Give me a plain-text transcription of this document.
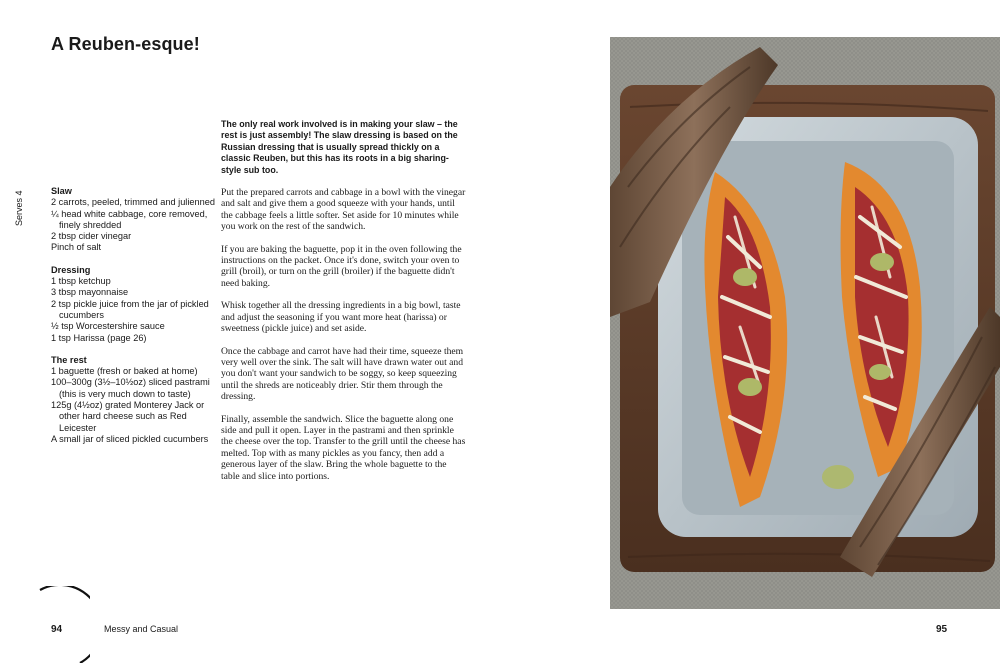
A Reuben-esque!
Serves 4	Slaw

2 carrots, peeled, trimmed and julienned
¼ head white cabbage, core removed, finely shredded
2 tbsp cider vinegar
Pinch of salt

Dressing

1 tbsp ketchup
3 tbsp mayonnaise
2 tsp pickle juice from the jar of pickled cucumbers
½ tsp Worcestershire sauce
1 tsp Harissa (page 26)

The rest

1 baguette (fresh or baked at home)
100–300g (3½–10½oz) sliced pastrami (this is very much down to taste)
125g (4½oz) grated Monterey Jack or other hard cheese such as Red Leicester
A small jar of sliced pickled cucumbers

The only real work involved is in making your slaw – the rest is just assembly! The slaw dressing is based on the Russian dressing that is usually spread thickly on a classic Reuben, but this has its roots in a big sharing-style sub too.

Put the prepared carrots and cabbage in a bowl with the vinegar and salt and give them a good squeeze with your hands, until the cabbage feels a little softer. Set aside for 10 minutes while you work on the rest of the sandwich.

If you are baking the baguette, pop it in the oven following the instructions on the packet. Once it's done, switch your oven to grill (broil), or turn on the grill (broiler) if the baguette didn't need baking.

Whisk together all the dressing ingredients in a big bowl, taste and adjust the seasoning if you want more heat (harissa) or sweetness (pickle juice) and set aside.

Once the cabbage and carrot have had their time, squeeze them very well over the sink. The salt will have drawn water out and you don't want your sandwich to be soggy, so keep squeezing until the shreds are noticeably drier. Stir them through the dressing.

Finally, assemble the sandwich. Slice the baguette along one side and pull it open. Layer in the pastrami and then sprinkle the cheese over the top. Transfer to the grill until the cheese has melted. Top with as many pickles as you fancy, then add a generous layer of the slaw. Bring the whole baguette to the table and slice into portions.

94	Messy and Casual	95
